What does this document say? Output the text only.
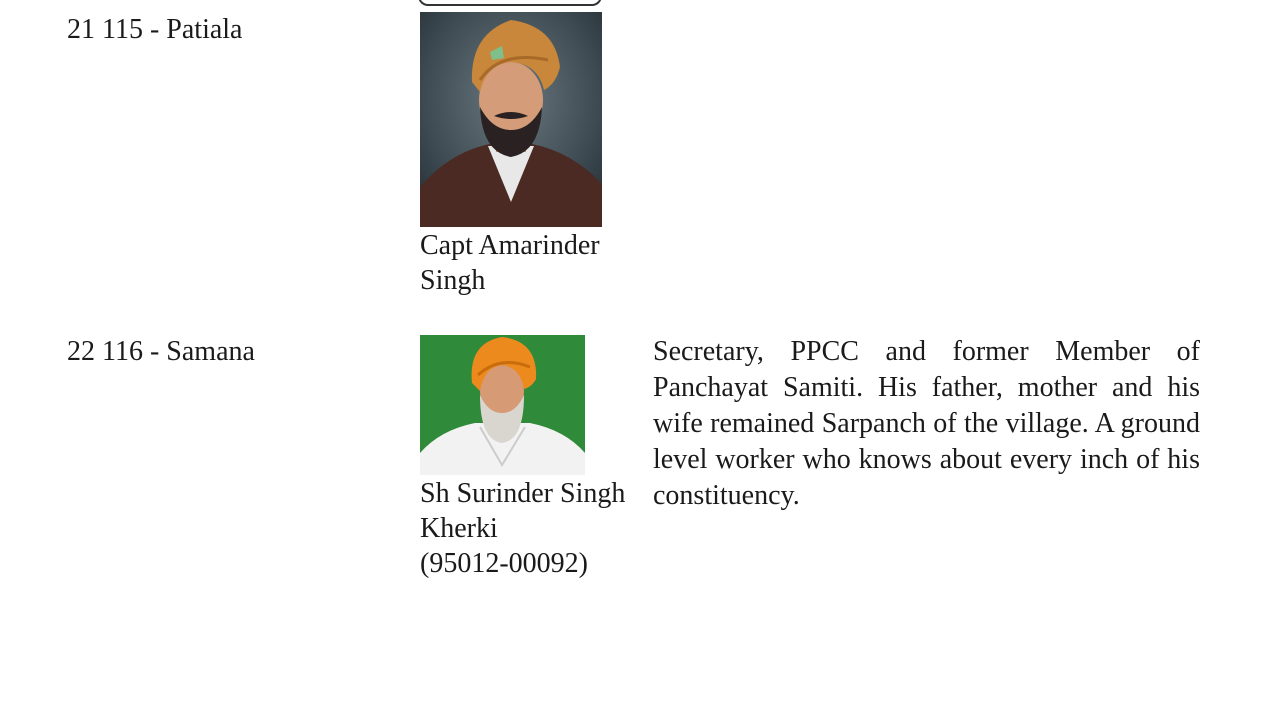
21 115 - Patiala
Capt Amarinder
Singh
22 116 - Samana
Sh Surinder Singh
Kherki
(95012-00092)
Secretary, PPCC and former Member of Panchayat Samiti. His father, mother and his wife remained Sarpanch of the village. A ground level worker who knows about every inch of his constituency.
